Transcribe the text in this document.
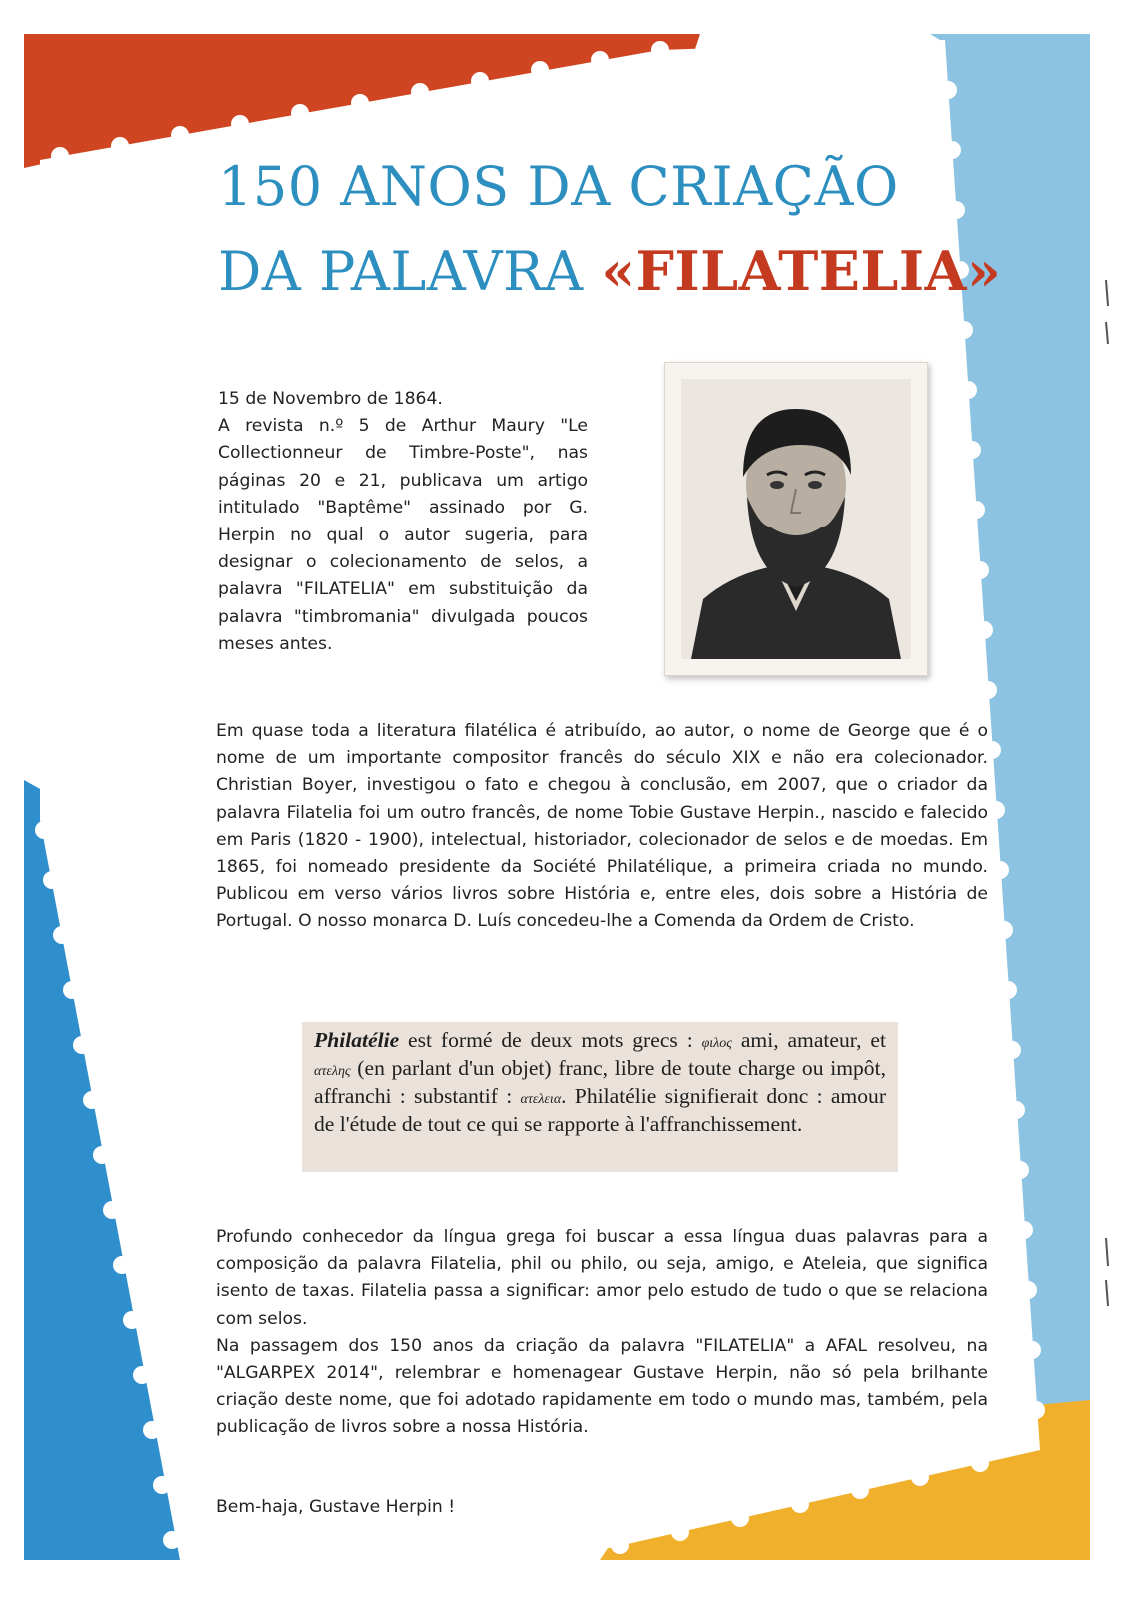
150 ANOS DA CRIAÇÃO
DA PALAVRA «FILATELIA»

15 de Novembro de 1864.

A revista n.º 5 de Arthur Maury "Le Collectionneur de Timbre-Poste", nas páginas 20 e 21, publicava um artigo intitulado "Baptême" assinado por G. Herpin no qual o autor sugeria, para designar o colecionamento de selos, a palavra "FILATELIA" em substituição da palavra "timbromania" divulgada poucos meses antes.

Em quase toda a literatura filatélica é atribuído, ao autor, o nome de George que é o nome de um importante compositor francês do século XIX e não era colecionador. Christian Boyer, investigou o fato e chegou à conclusão, em 2007, que o criador da palavra Filatelia foi um outro francês, de nome Tobie Gustave Herpin., nascido e falecido em Paris (1820 - 1900), intelectual, historiador, colecionador de selos e de moedas. Em 1865, foi nomeado presidente da Société Philatélique, a primeira criada no mundo. Publicou em verso vários livros sobre História e, entre eles, dois sobre a História de Portugal. O nosso monarca D. Luís concedeu-lhe a Comenda da Ordem de Cristo.

Philatélie est formé de deux mots grecs : φιλος ami, amateur, et ατελης (en parlant d'un objet) franc, libre de toute charge ou impôt, affranchi : substantif : ατελεια. Philatélie signifierait donc : amour de l'étude de tout ce qui se rapporte à l'affranchissement.

Profundo conhecedor da língua grega foi buscar a essa língua duas palavras para a composição da palavra Filatelia, phil ou philo, ou seja, amigo, e Ateleia, que significa isento de taxas. Filatelia passa a significar: amor pelo estudo de tudo o que se relaciona com selos.

Na passagem dos 150 anos da criação da palavra "FILATELIA" a AFAL resolveu, na "ALGARPEX 2014", relembrar e homenagear Gustave Herpin, não só pela brilhante criação deste nome, que foi adotado rapidamente em todo o mundo mas, também, pela publicação de livros sobre a nossa História.

Bem-haja, Gustave Herpin !
